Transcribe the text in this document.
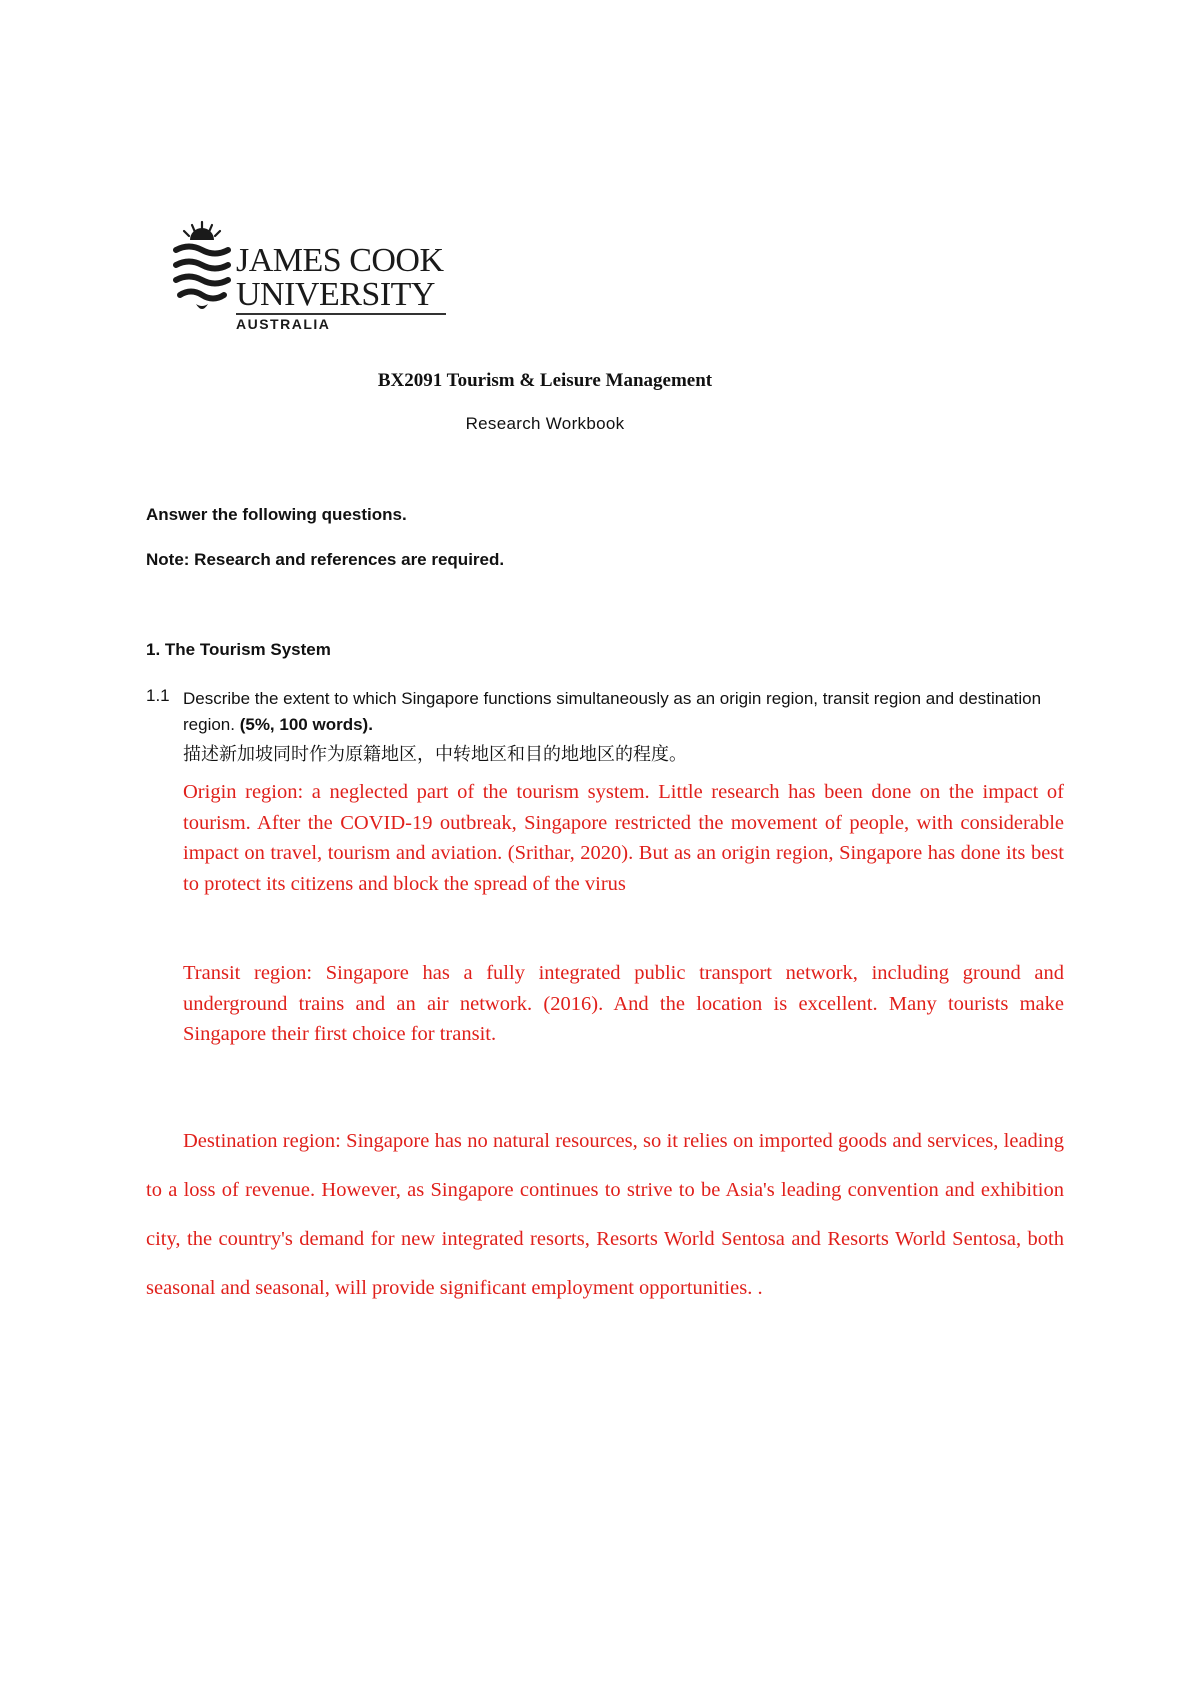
JAMES COOK
UNIVERSITY
AUSTRALIA
BX2091 Tourism & Leisure Management
Research Workbook
Answer the following questions.
Note: Research and references are required.
1. The Tourism System
1.1 Describe the extent to which Singapore functions simultaneously as an origin region, transit region and destination region. (5%, 100 words).
描述新加坡同时作为原籍地区，中转地区和目的地地区的程度。
Origin region: a neglected part of the tourism system. Little research has been done on the impact of tourism. After the COVID-19 outbreak, Singapore restricted the movement of people, with considerable impact on travel, tourism and aviation. (Srithar, 2020). But as an origin region, Singapore has done its best to protect its citizens and block the spread of the virus
Transit region: Singapore has a fully integrated public transport network, including ground and underground trains and an air network. (2016). And the location is excellent. Many tourists make Singapore their first choice for transit.
Destination region: Singapore has no natural resources, so it relies on imported goods and services, leading to a loss of revenue. However, as Singapore continues to strive to be Asia's leading convention and exhibition city, the country's demand for new integrated resorts, Resorts World Sentosa and Resorts World Sentosa, both seasonal and seasonal, will provide significant employment opportunities. .
